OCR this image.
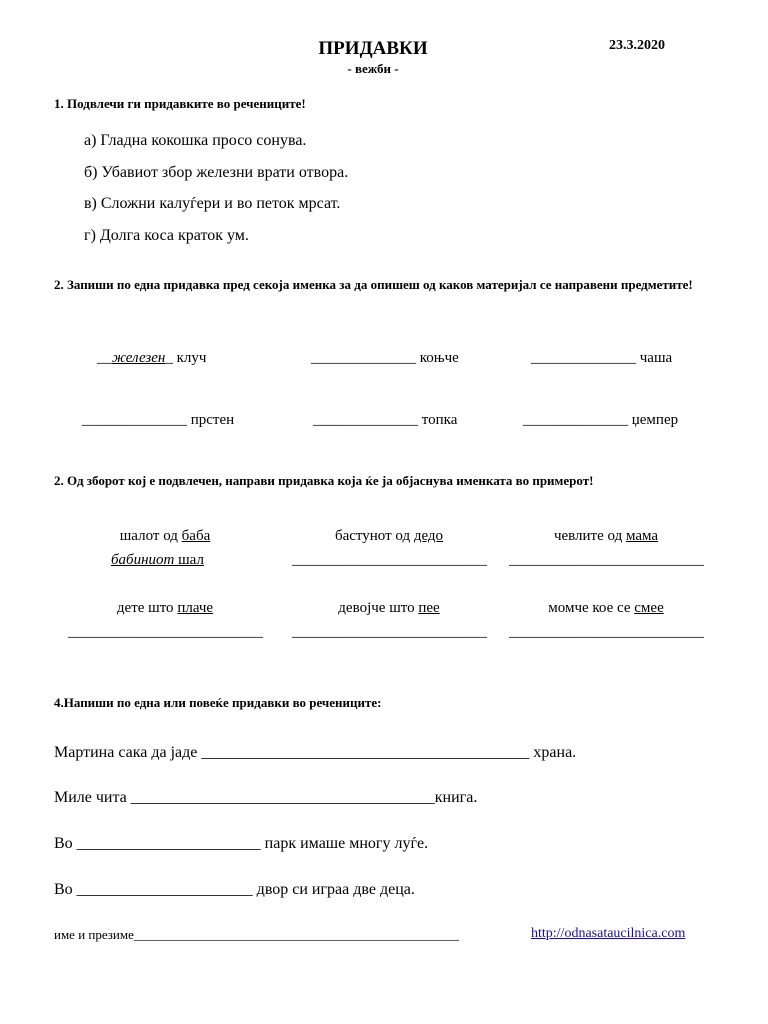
ПРИДАВКИ
- вежби -
23.3.2020
1. Подвлечи ги придавките во речениците!
а) Гладна кокошка просо сонува.
б) Убавиот збор железни врати отвора.
в) Сложни калуѓери и во петок мрсат.
г) Долга коса краток ум.
2. Запиши по една придавка пред секоја именка за да опишеш од каков материјал се направени предметите!
__железен_ клуч	______________ коњче	______________ чаша
______________ прстен	______________ топка	______________ џемпер
2. Од зборот кој е подвлечен, направи придавка која ќе ја објаснува именката во примерот!
шалот од баба	бастунот од дедо	чевлите од мама
бабиниот шал	__________________________ __________________________
дете што плаче	девојче што пее	момче кое се смее
__________________________ __________________________ __________________________
4.Напиши по една или повеќе придавки во речениците:
Мартина сака да јаде _________________________________________ храна.
Миле чита ______________________________________книга.
Во _______________________ парк имаше многу луѓе.
Во ______________________ двор си играа две деца.
име и презиме__________________________________________________	http://odnasataucilnica.com
